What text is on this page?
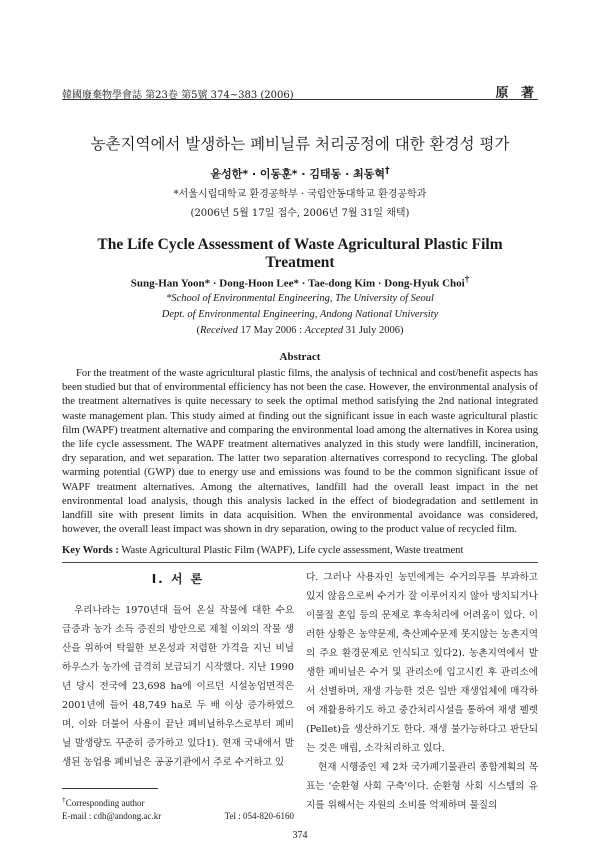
韓國廢棄物學會誌 第23卷 第5號 374~383 (2006)	原 著
농촌지역에서 발생하는 폐비닐류 처리공정에 대한 환경성 평가
윤성한* · 이동훈* · 김태동 · 최동혁†
*서울시립대학교 환경공학부 · 국립안동대학교 환경공학과
(2006년 5월 17일 접수, 2006년 7월 31일 채택)
The Life Cycle Assessment of Waste Agricultural Plastic Film Treatment
Sung-Han Yoon* · Dong-Hoon Lee* · Tae-dong Kim · Dong-Hyuk Choi†
*School of Environmental Engineering, The University of Seoul
Dept. of Environmental Engineering, Andong National University
(Received 17 May 2006 : Accepted 31 July 2006)
Abstract
For the treatment of the waste agricultural plastic films, the analysis of technical and cost/benefit aspects has been studied but that of environmental efficiency has not been the case. However, the environmental analysis of the treatment alternatives is quite necessary to seek the optimal method satisfying the 2nd national integrated waste management plan. This study aimed at finding out the significant issue in each waste agricultural plastic film (WAPF) treatment alternative and comparing the environmental load among the alternatives in Korea using the life cycle assessment. The WAPF treatment alternatives analyzed in this study were landfill, incineration, dry separation, and wet separation. The latter two separation alternatives correspond to recycling. The global warming potential (GWP) due to energy use and emissions was found to be the common significant issue of WAPF treatment alternatives. Among the alternatives, landfill had the overall least impact in the net environmental load analysis, though this analysis lacked in the effect of biodegradation and settlement in landfill site with present limits in data acquisition. When the environmental avoidance was considered, however, the overall least impact was shown in dry separation, owing to the product value of recycled film.
Key Words : Waste Agricultural Plastic Film (WAPF), Life cycle assessment, Waste treatment
I. 서 론

우리나라는 1970년대 들어 온실 작물에 대한 수요 급증과 농가 소득 증진의 방안으로 제철 이외의 작물 생산을 위하여 탁월한 보온성과 저렴한 가격을 지닌 비닐하우스가 농가에 급격히 보급되기 시작했다. 지난 1990년 당시 전국에 23,698 ha에 이르던 시설농업면적은 2001년에 들어 48,749 ha로 두 배 이상 증가하였으며, 이와 더불어 사용이 끝난 폐비닐하우스로부터 폐비닐 발생량도 꾸준히 증가하고 있다1). 현재 국내에서 발생된 농업용 폐비닐은 공공기관에서 주로 수거하고 있

다. 그러나 사용자인 농민에게는 수거의무를 부과하고 있지 않음으로써 수거가 잘 이루어지지 않아 방치되거나 이물질 혼입 등의 문제로 후속처리에 어려움이 있다. 이러한 상황은 농약문제, 축산폐수문제 못지않는 농촌지역의 주요 환경문제로 인식되고 있다2). 농촌지역에서 발생한 폐비닐은 수거 및 관리소에 입고시킨 후 관리소에서 선별하며, 재생 가능한 것은 일반 재생업체에 매각하여 재활용하기도 하고 중간처리시설을 통하여 재생 펠렛(Pellet)을 생산하기도 한다. 재생 불가능하다고 판단되는 것은 매립, 소각처리하고 있다.

현재 시행중인 제 2차 국가폐기물관리 종합계획의 목표는 '순환형 사회 구축'이다. 순환형 사회 시스템의 유지를 위해서는 자원의 소비를 억제하며 물질의

†Corresponding author
E-mail : cdh@andong.ac.kr	Tel : 054-820-6160
374
